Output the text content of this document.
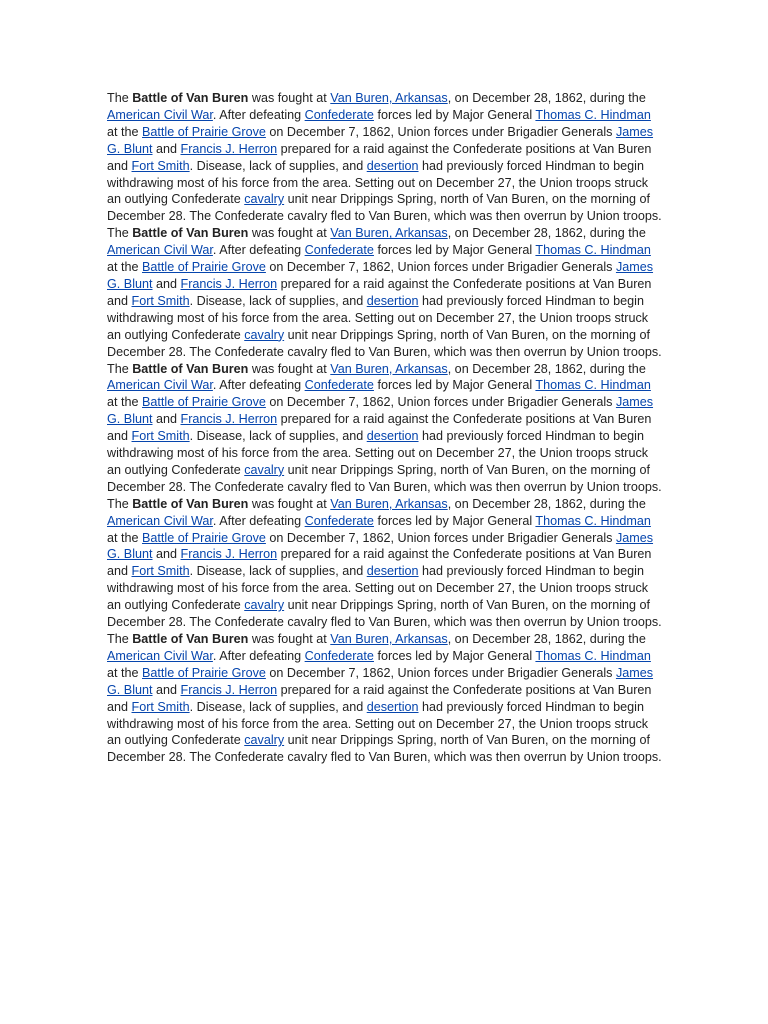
The Battle of Van Buren was fought at Van Buren, Arkansas, on December 28, 1862, during the American Civil War. After defeating Confederate forces led by Major General Thomas C. Hindman at the Battle of Prairie Grove on December 7, 1862, Union forces under Brigadier Generals James G. Blunt and Francis J. Herron prepared for a raid against the Confederate positions at Van Buren and Fort Smith. Disease, lack of supplies, and desertion had previously forced Hindman to begin withdrawing most of his force from the area. Setting out on December 27, the Union troops struck an outlying Confederate cavalry unit near Drippings Spring, north of Van Buren, on the morning of December 28. The Confederate cavalry fled to Van Buren, which was then overrun by Union troops. The Battle of Van Buren was fought at Van Buren, Arkansas, on December 28, 1862, during the American Civil War. After defeating Confederate forces led by Major General Thomas C. Hindman at the Battle of Prairie Grove on December 7, 1862, Union forces under Brigadier Generals James G. Blunt and Francis J. Herron prepared for a raid against the Confederate positions at Van Buren and Fort Smith. Disease, lack of supplies, and desertion had previously forced Hindman to begin withdrawing most of his force from the area. Setting out on December 27, the Union troops struck an outlying Confederate cavalry unit near Drippings Spring, north of Van Buren, on the morning of December 28. The Confederate cavalry fled to Van Buren, which was then overrun by Union troops. The Battle of Van Buren was fought at Van Buren, Arkansas, on December 28, 1862, during the American Civil War. After defeating Confederate forces led by Major General Thomas C. Hindman at the Battle of Prairie Grove on December 7, 1862, Union forces under Brigadier Generals James G. Blunt and Francis J. Herron prepared for a raid against the Confederate positions at Van Buren and Fort Smith. Disease, lack of supplies, and desertion had previously forced Hindman to begin withdrawing most of his force from the area. Setting out on December 27, the Union troops struck an outlying Confederate cavalry unit near Drippings Spring, north of Van Buren, on the morning of December 28. The Confederate cavalry fled to Van Buren, which was then overrun by Union troops. The Battle of Van Buren was fought at Van Buren, Arkansas, on December 28, 1862, during the American Civil War. After defeating Confederate forces led by Major General Thomas C. Hindman at the Battle of Prairie Grove on December 7, 1862, Union forces under Brigadier Generals James G. Blunt and Francis J. Herron prepared for a raid against the Confederate positions at Van Buren and Fort Smith. Disease, lack of supplies, and desertion had previously forced Hindman to begin withdrawing most of his force from the area. Setting out on December 27, the Union troops struck an outlying Confederate cavalry unit near Drippings Spring, north of Van Buren, on the morning of December 28. The Confederate cavalry fled to Van Buren, which was then overrun by Union troops. The Battle of Van Buren was fought at Van Buren, Arkansas, on December 28, 1862, during the American Civil War. After defeating Confederate forces led by Major General Thomas C. Hindman at the Battle of Prairie Grove on December 7, 1862, Union forces under Brigadier Generals James G. Blunt and Francis J. Herron prepared for a raid against the Confederate positions at Van Buren and Fort Smith. Disease, lack of supplies, and desertion had previously forced Hindman to begin withdrawing most of his force from the area. Setting out on December 27, the Union troops struck an outlying Confederate cavalry unit near Drippings Spring, north of Van Buren, on the morning of December 28. The Confederate cavalry fled to Van Buren, which was then overrun by Union troops.
